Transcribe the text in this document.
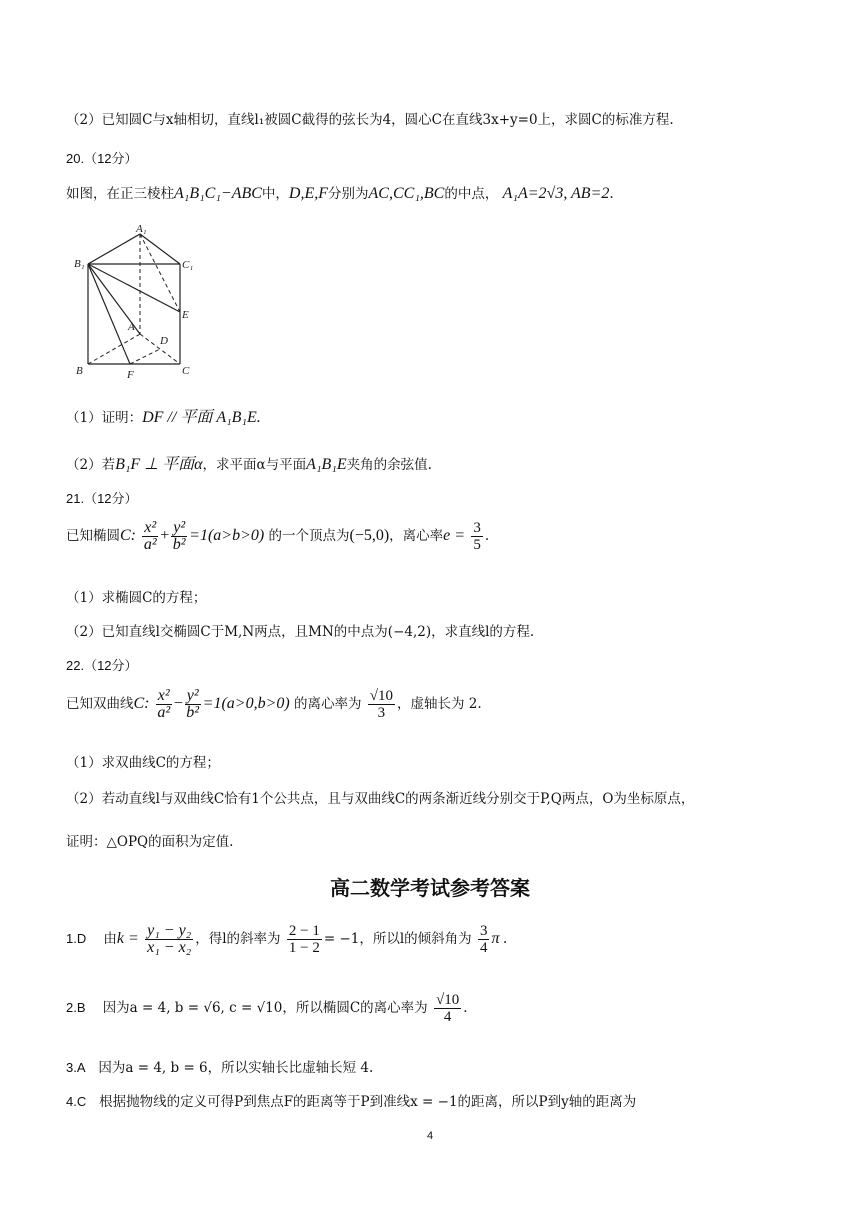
（2）已知圆C与x轴相切，直线l₁被圆C截得的弦长为4，圆心C在直线3x+y=0上，求圆C的标准方程.
20.（12分）
如图，在正三棱柱A₁B₁C₁−ABC中，D,E,F分别为AC,CC₁,BC的中点， A₁A=2√3, AB=2.
A₁
B₁	C₁
A
D
E
B	F	C
（1）证明：DF // 平面 A₁B₁E.
（2）若B₁F ⊥ 平面α，求平面α与平面A₁B₁E夹角的余弦值.
21.（12分）
已知椭圆C: $\frac{\text{x²}}{\text{a²}} + \frac{\text{y²}}{\text{b²}} =1(a>b>0)$ 的一个顶点为(−5,0)，离心率$e = \frac{3}{5}$ .
（1）求椭圆C的方程；
（2）已知直线l交椭圆C于M,N两点，且MN的中点为(−4,2)，求直线l的方程.
22.（12分）
已知双曲线C: $\frac{\text{x²}}{\text{a²}} - \frac{\text{y²}}{\text{b²}} =1(a>0,b>0)$ 的离心率为 $\frac{√10}{3}$ ，虚轴长为 2.
（1）求双曲线C的方程；
（2）若动直线l与双曲线C恰有1个公共点，且与双曲线C的两条渐近线分别交于P,Q两点，O为坐标原点，
证明：△OPQ的面积为定值.
高二数学考试参考答案
1.D 由$k = \frac{\text{y₁ − y₂}}{\text{x₁ − x₂}}$ ，得l的斜率为 $\frac{2 - 1}{1 - 2} = -1$，所以l的倾斜角为 $\frac{3}{4}$ π .
2.B 因为a = 4, b = √6, c = √10，所以椭圆C的离心率为 $\frac{√10}{4}$ .
3.A 因为a = 4, b = 6，所以实轴长比虚轴长短 4.
4.C 根据抛物线的定义可得P到焦点F的距离等于P到准线x = −1的距离，所以P到y轴的距离为
4
